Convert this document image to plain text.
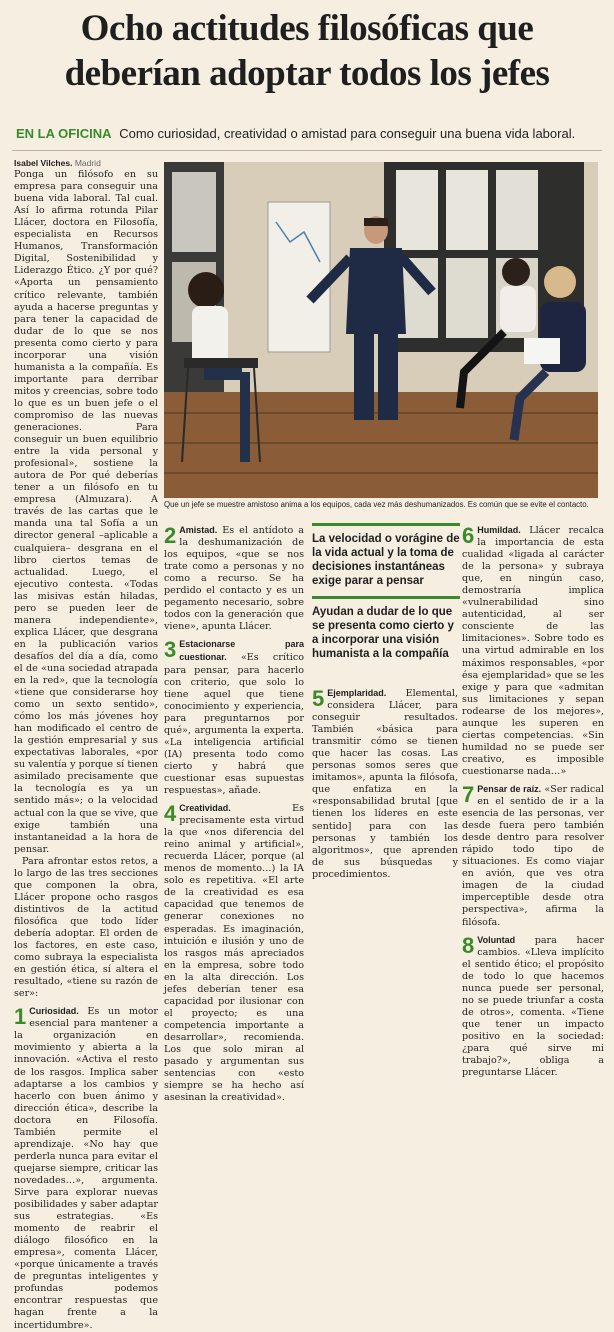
Ocho actitudes filosóficas que
deberían adoptar todos los jefes
EN LA OFICINA Como curiosidad, creatividad o amistad para conseguir una buena vida laboral.
Isabel Vilches. Madrid

Ponga un filósofo en su empresa para conseguir una buena vida laboral. Tal cual. Así lo afirma rotunda Pilar Llácer, doctora en Filosofía, especialista en Recursos Humanos, Transformación Digital, Sostenibilidad y Liderazgo Ético. ¿Y por qué? «Aporta un pensamiento crítico relevante, también ayuda a hacerse preguntas y para tener la capacidad de dudar de lo que se nos presenta como cierto y para incorporar una visión humanista a la compañía. Es importante para derribar mitos y creencias, sobre todo lo que es un buen jefe o el compromiso de las nuevas generaciones. Para conseguir un buen equilibrio entre la vida personal y profesional», sostiene la autora de Por qué deberías tener a un filósofo en tu empresa (Almuzara). A través de las cartas que le manda una tal Sofía a un director general –aplicable a cualquiera– desgrana en el libro ciertos temas de actualidad. Luego, el ejecutivo contesta. «Todas las misivas están hiladas, pero se pueden leer de manera independiente», explica Llácer, que desgrana en la publicación varios desafíos del día a día, como el de «una sociedad atrapada en la red», que la tecnología «tiene que considerarse hoy como un sexto sentido», cómo los más jóvenes hoy han modificado el centro de la gestión empresarial y sus expectativas laborales, «por su valentía y porque sí tienen asimilado precisamente que la tecnología es ya un sentido más»; o la velocidad actual con la que se vive, que exige también una instantaneidad a la hora de pensar.

Para afrontar estos retos, a lo largo de las tres secciones que componen la obra, Llácer propone ocho rasgos distintivos de la actitud filosófica que todo líder debería adoptar. El orden de los factores, en este caso, como subraya la especialista en gestión ética, sí altera el resultado, «tiene su razón de ser»:

1 Curiosidad. Es un motor esencial para mantener a la organización en movimiento y abierta a la innovación. «Activa el resto de los rasgos. Implica saber adaptarse a los cambios y hacerlo con buen ánimo y dirección ética», describe la doctora en Filosofía. También permite el aprendizaje. «No hay que perderla nunca para evitar el quejarse siempre, criticar las novedades…», argumenta. Sirve para explorar nuevas posibilidades y saber adaptar sus estrategias. «Es momento de reabrir el diálogo filosófico en la empresa», comenta Llácer, «porque únicamente a través de preguntas inteligentes y profundas podemos encontrar respuestas que hagan frente a la incertidumbre».
Que un jefe se muestre amistoso anima a los equipos, cada vez más deshumanizados. Es común que se evite el contacto.
2 Amistad. Es el antídoto a la deshumanización de los equipos, «que se nos trate como a personas y no como a recurso. Se ha perdido el contacto y es un pegamento necesario, sobre todos con la generación que viene», apunta Llácer.
3 Estacionarse para cuestionar. «Es crítico para pensar, para hacerlo con criterio, que solo lo tiene aquel que tiene conocimiento y experiencia, para preguntarnos por qué», argumenta la experta. «La inteligencia artificial (IA) presenta todo como cierto y habrá que cuestionar esas supuestas respuestas», añade.
4 Creatividad.	Es precisamente esta virtud la que «nos diferencia del reino animal y artificial», recuerda Llácer, porque (al menos de momento…) la IA solo es repetitiva. «El arte de la creatividad es esa capacidad que tenemos de generar conexiones no esperadas. Es imaginación, intuición e ilusión y uno de los rasgos más apreciados en la empresa, sobre todo en la alta dirección. Los jefes deberían tener esa capacidad por ilusionar con el proyecto; es una competencia importante a desarrollar», recomienda. Los que solo miran al pasado y argumentan sus sentencias con «esto siempre se ha hecho así asesinan la creatividad».
La velocidad o vorágine de la vida actual y la toma de decisiones instantáneas exige parar a pensar
Ayudan a dudar de lo que se presenta como cierto y a incorporar una visión humanista a la compañía
5 Ejemplaridad. Elemental, considera Llácer, para conseguir resultados. También «básica para transmitir cómo se tienen que hacer las cosas. Las personas somos seres que imitamos», apunta la filósofa, que enfatiza en la «responsabilidad brutal [que tienen los líderes en este sentido] para con las personas y también los algoritmos», que aprenden de sus búsquedas y procedimientos.
6 Humildad. Llácer recalca la importancia de esta cualidad «ligada al carácter de la persona» y subraya que, en ningún caso, demostraría implica «vulnerabilidad sino autenticidad, al ser consciente de las limitaciones». Sobre todo es una virtud admirable en los máximos responsables, «por ésa ejemplaridad» que se les exige y para que «admitan sus limitaciones y sepan rodearse de los mejores», aunque les superen en ciertas competencias. «Sin humildad no se puede ser creativo, es imposible cuestionarse nada…»
7 Pensar de raíz. «Ser radical en el sentido de ir a la esencia de las personas, ver desde fuera pero también desde dentro para resolver rápido todo tipo de situaciones. Es como viajar en avión, que ves otra imagen de la ciudad imperceptible desde otra perspectiva», afirma la filósofa.
8 Voluntad para hacer cambios. «Lleva implícito el sentido ético; el propósito de todo lo que hacemos nunca puede ser personal, no se puede triunfar a costa de otros», comenta. «Tiene que tener un impacto positivo en la sociedad: ¿para qué sirve mi trabajo?», obliga a preguntarse Llácer.
